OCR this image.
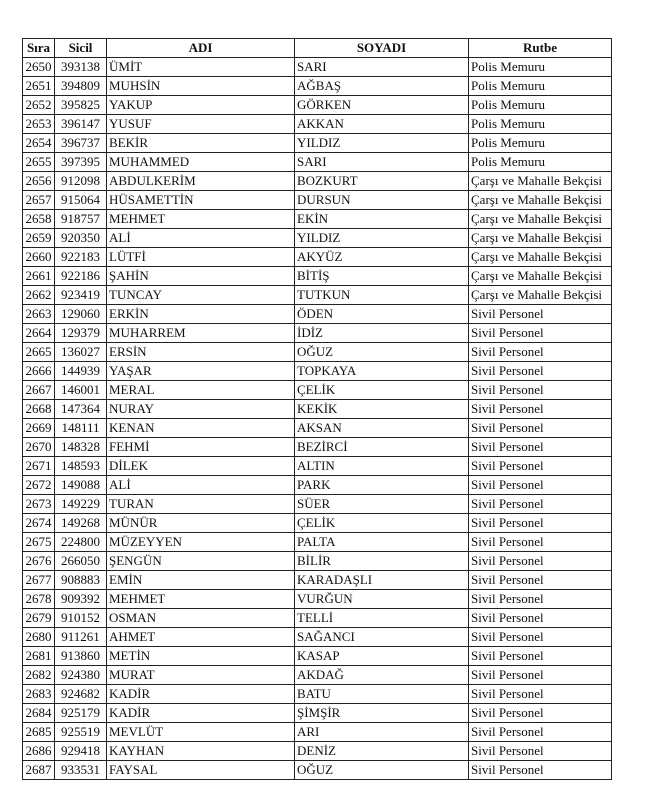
Sıra	Sicil	ADI	SOYADI	Rutbe
2650	393138	ÜMİT	SARI	Polis Memuru
2651	394809	MUHSİN	AĞBAŞ	Polis Memuru
2652	395825	YAKUP	GÖRKEN	Polis Memuru
2653	396147	YUSUF	AKKAN	Polis Memuru
2654	396737	BEKİR	YILDIZ	Polis Memuru
2655	397395	MUHAMMED	SARI	Polis Memuru
2656	912098	ABDULKERİM	BOZKURT	Çarşı ve Mahalle Bekçisi
2657	915064	HÜSAMETTİN	DURSUN	Çarşı ve Mahalle Bekçisi
2658	918757	MEHMET	EKİN	Çarşı ve Mahalle Bekçisi
2659	920350	ALİ	YILDIZ	Çarşı ve Mahalle Bekçisi
2660	922183	LÜTFİ	AKYÜZ	Çarşı ve Mahalle Bekçisi
2661	922186	ŞAHİN	BİTİŞ	Çarşı ve Mahalle Bekçisi
2662	923419	TUNCAY	TUTKUN	Çarşı ve Mahalle Bekçisi
2663	129060	ERKİN	ÖDEN	Sivil Personel
2664	129379	MUHARREM	İDİZ	Sivil Personel
2665	136027	ERSİN	OĞUZ	Sivil Personel
2666	144939	YAŞAR	TOPKAYA	Sivil Personel
2667	146001	MERAL	ÇELİK	Sivil Personel
2668	147364	NURAY	KEKİK	Sivil Personel
2669	148111	KENAN	AKSAN	Sivil Personel
2670	148328	FEHMİ	BEZİRCİ	Sivil Personel
2671	148593	DİLEK	ALTIN	Sivil Personel
2672	149088	ALİ	PARK	Sivil Personel
2673	149229	TURAN	SÜER	Sivil Personel
2674	149268	MÜNÜR	ÇELİK	Sivil Personel
2675	224800	MÜZEYYEN	PALTA	Sivil Personel
2676	266050	ŞENGÜN	BİLİR	Sivil Personel
2677	908883	EMİN	KARADAŞLI	Sivil Personel
2678	909392	MEHMET	VURĞUN	Sivil Personel
2679	910152	OSMAN	TELLİ	Sivil Personel
2680	911261	AHMET	SAĞANCI	Sivil Personel
2681	913860	METİN	KASAP	Sivil Personel
2682	924380	MURAT	AKDAĞ	Sivil Personel
2683	924682	KADİR	BATU	Sivil Personel
2684	925179	KADİR	ŞİMŞİR	Sivil Personel
2685	925519	MEVLÜT	ARI	Sivil Personel
2686	929418	KAYHAN	DENİZ	Sivil Personel
2687	933531	FAYSAL	OĞUZ	Sivil Personel
